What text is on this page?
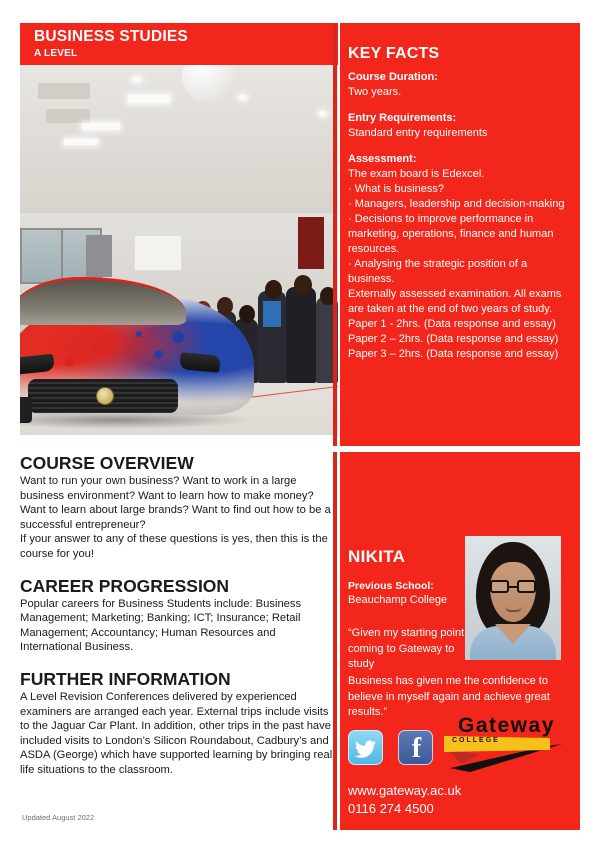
BUSINESS STUDIES
A LEVEL	KEY FACTS
Course Duration:
Two years.
Entry Requirements:
Standard entry requirements
Assessment:
The exam board is Edexcel.
· What is business?
· Managers, leadership and decision-making
· Decisions to improve performance in marketing, operations, finance and human resources.
· Analysing the strategic position of a business.
Externally assessed examination. All exams are taken at the end of two years of study.
Paper 1 - 2hrs. (Data response and essay)
Paper 2 – 2hrs. (Data response and essay)
Paper 3 – 2hrs. (Data response and essay)
COURSE OVERVIEW
Want to run your own business? Want to work in a large business environment? Want to learn how to make money? Want to learn about large brands? Want to find out how to be a successful entrepreneur?
If your answer to any of these questions is yes, then this is the course for you!
CAREER PROGRESSION
Popular careers for Business Students include: Business Management; Marketing; Banking; ICT; Insurance; Retail Management; Accountancy; Human Resources and International Business.
FURTHER INFORMATION
A Level Revision Conferences delivered by experienced examiners are arranged each year. External trips include visits to the Jaguar Car Plant. In addition, other trips in the past have included visits to London’s Silicon Roundabout, Cadbury’s and ASDA (George) which have supported learning by bringing real life situations to the classroom.
Updated August 2022
NIKITA
Previous School:
Beauchamp College
“Given my starting point coming to Gateway to study
Business has given me the confidence to believe in myself again and achieve great results.”
f	COLLEGE
Gateway
www.gateway.ac.uk
0116 274 4500
